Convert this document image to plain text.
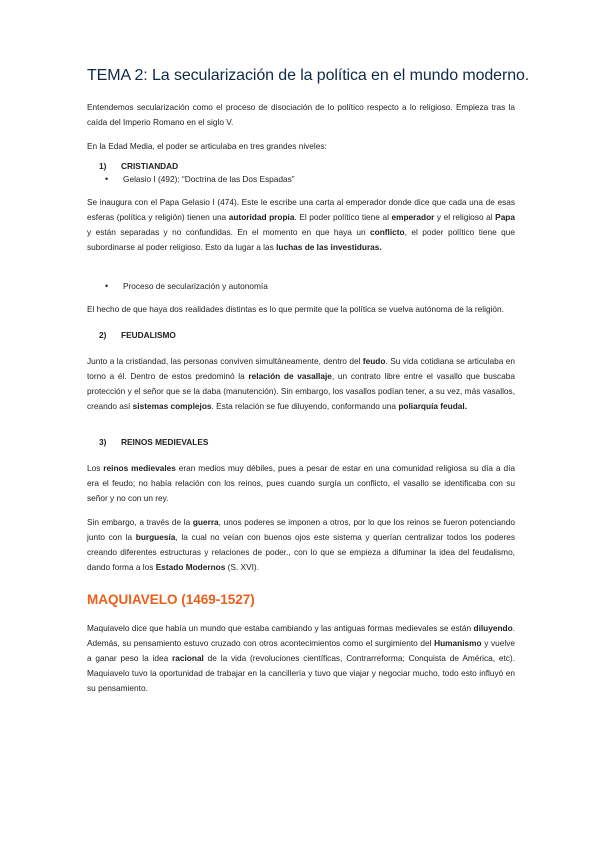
TEMA 2: La secularización de la política en el mundo moderno.

Entendemos secularización como el proceso de disociación de lo político respecto a lo religioso. Empieza tras la caída del Imperio Romano en el siglo V.

En la Edad Media, el poder se articulaba en tres grandes niveles:

1) CRISTIANDAD
• Gelasio I (492): “Doctrina de las Dos Espadas”

Se inaugura con el Papa Gelasio I (474). Este le escribe una carta al emperador donde dice que cada una de esas esferas (política y religión) tienen una autoridad propia. El poder político tiene al emperador y el religioso al Papa y están separadas y no confundidas. En el momento en que haya un conflicto, el poder político tiene que subordinarse al poder religioso. Esto da lugar a las luchas de las investiduras.

• Proceso de secularización y autonomía

El hecho de que haya dos realidades distintas es lo que permite que la política se vuelva autónoma de la religión.

2) FEUDALISMO

Junto a la cristiandad, las personas conviven simultáneamente, dentro del feudo. Su vida cotidiana se articulaba en torno a él. Dentro de estos predominó la relación de vasallaje, un contrato libre entre el vasallo que buscaba protección y el señor que se la daba (manutención). Sin embargo, los vasallos podían tener, a su vez, más vasallos, creando así sistemas complejos. Esta relación se fue diluyendo, conformando una poliarquía feudal.

3) REINOS MEDIEVALES

Los reinos medievales eran medios muy débiles, pues a pesar de estar en una comunidad religiosa su día a día era el feudo; no había relación con los reinos, pues cuando surgía un conflicto, el vasallo se identificaba con su señor y no con un rey.

Sin embargo, a través de la guerra, unos poderes se imponen a otros, por lo que los reinos se fueron potenciando junto con la burguesía, la cual no veían con buenos ojos este sistema y querían centralizar todos los poderes creando diferentes estructuras y relaciones de poder., con lo que se empieza a difuminar la idea del feudalismo, dando forma a los Estado Modernos (S. XVI).

MAQUIAVELO (1469-1527)

Maquiavelo dice que había un mundo que estaba cambiando y las antiguas formas medievales se están diluyendo. Además, su pensamiento estuvo cruzado con otros acontecimientos como el surgimiento del Humanismo y vuelve a ganar peso la idea racional de la vida (revoluciones científicas, Contrarreforma; Conquista de América, etc). Maquiavelo tuvo la oportunidad de trabajar en la cancillería y tuvo que viajar y negociar mucho, todo esto influyó en su pensamiento.
